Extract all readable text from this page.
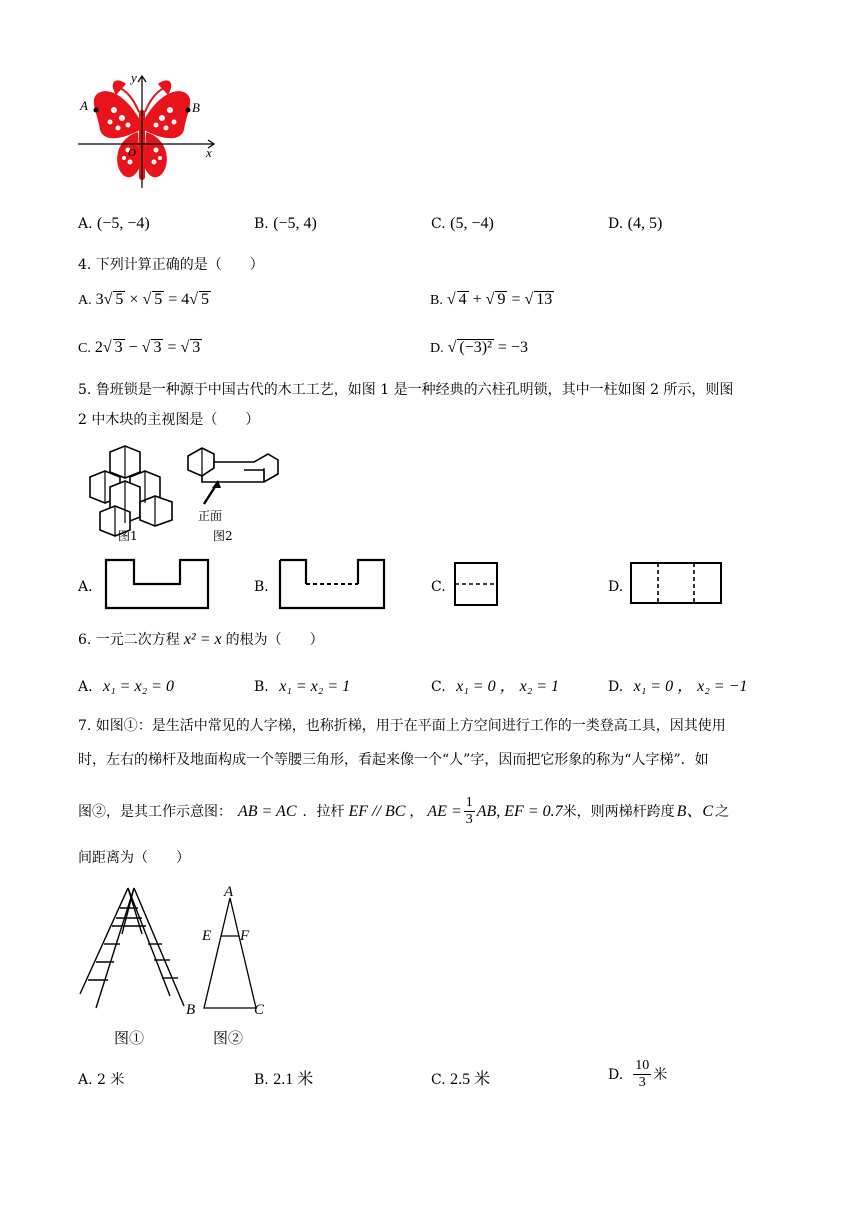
A	B
x
y
O
A. (−5, −4)	B. (−5, 4)	C. (5, −4)	D. (4, 5)
4. 下列计算正确的是（　　）
A. 3√ 5 × √ 5 = 4√ 5	B. √ 4 + √ 9 = √ 13
C. 2√ 3 − √ 3 = √ 3	D. √ (−3)² = −3
5. 鲁班锁是一种源于中国古代的木工工艺，如图 1 是一种经典的六柱孔明锁，其中一柱如图 2 所示，则图
2 中木块的主视图是（　　）
正面
图1	图2
A.	B.	C.	D.
6. 一元二次方程 x² = x 的根为（　　）
A. x₁ = x₂ = 0	B. x₁ = x₂ = 1	C. x₁ = 0 ， x₂ = 1	D. x₁ = 0 ， x₂ = −1
7. 如图①：是生活中常见的人字梯，也称折梯，用于在平面上方空间进行工作的一类登高工具，因其使用
时，左右的梯杆及地面构成一个等腰三角形，看起来像一个“人”字，因而把它形象的称为“人字梯”．如
图②，是其工作示意图： AB = AC ．拉杆 EF // BC ， AE = $\frac{1}{3}$ AB, EF = 0.7 米，则两梯杆跨度 B、C 之
间距离为（　　）
图①
A
E F
B	C
图②
A. 2 米	B. 2.1 米	C. 2.5 米	D. $\frac{10}{3}$ 米
